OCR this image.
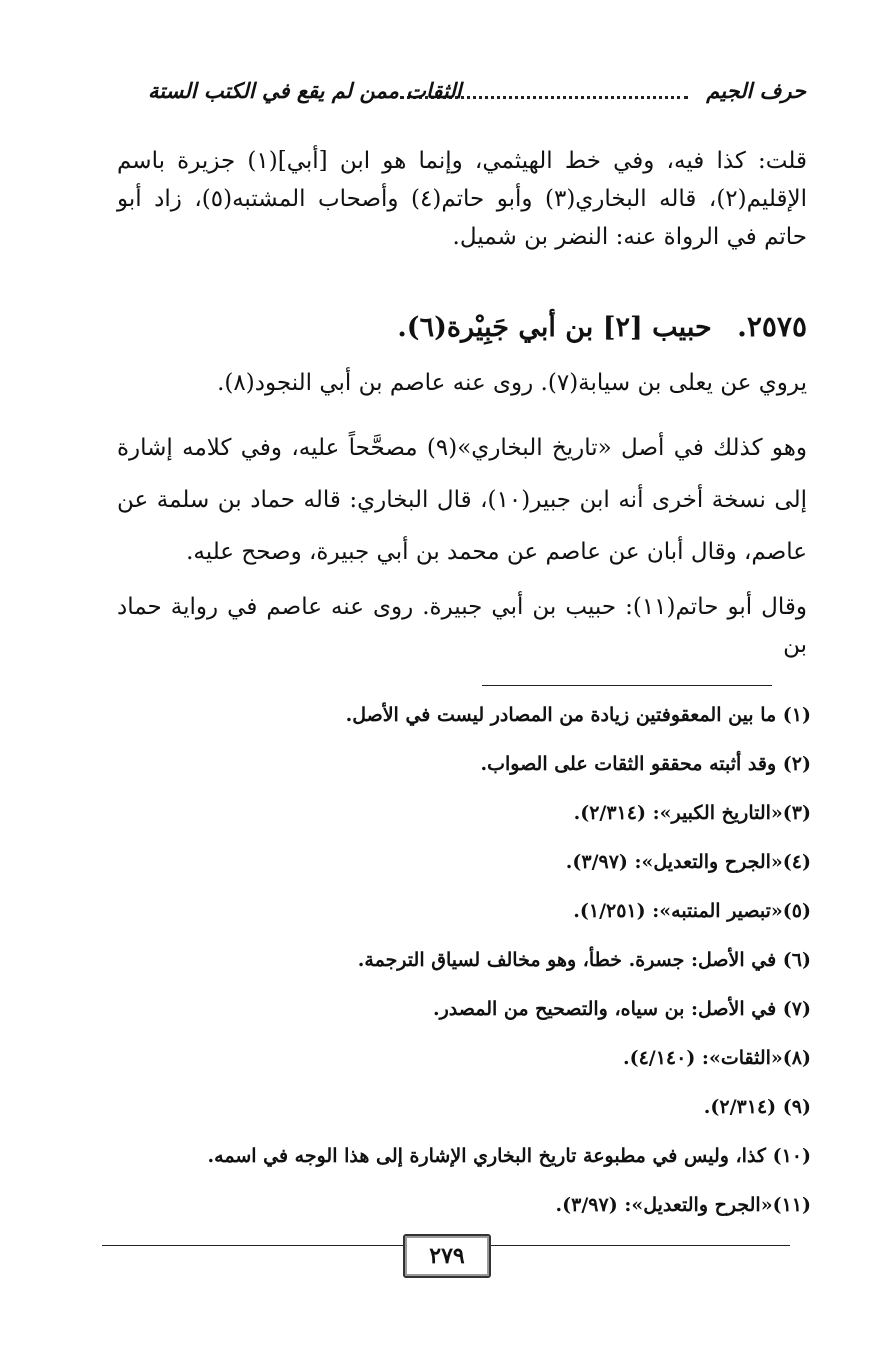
حرف الجيم
الثقات ممن لم يقع في الكتب الستة
قلت: كذا فيه، وفي خط الهيثمي، وإنما هو ابن [أبي](١) جزيرة باسم الإقليم(٢)، قاله البخاري(٣) وأبو حاتم(٤) وأصحاب المشتبه(٥)، زاد أبو حاتم في الرواة عنه: النضر بن شميل.
٢٥٧٥. حبيب [٢] بن أبي جَبِيْرة(٦).
يروي عن يعلى بن سيابة(٧). روى عنه عاصم بن أبي النجود(٨).
وهو كذلك في أصل «تاريخ البخاري»(٩) مصحَّحاً عليه، وفي كلامه إشارة إلى نسخة أخرى أنه ابن جبير(١٠)، قال البخاري: قاله حماد بن سلمة عن عاصم، وقال أبان عن عاصم عن محمد بن أبي جبيرة، وصحح عليه.
وقال أبو حاتم(١١): حبيب بن أبي جبيرة. روى عنه عاصم في رواية حماد بن
(١) ما بين المعقوفتين زيادة من المصادر ليست في الأصل.
(٢) وقد أثبته محققو الثقات على الصواب.
(٣)«التاريخ الكبير»: (٢/٣١٤).
(٤)«الجرح والتعديل»: (٣/٩٧).
(٥)«تبصير المنتبه»: (١/٢٥١).
(٦) في الأصل: جسرة. خطأ، وهو مخالف لسياق الترجمة.
(٧) في الأصل: بن سياه، والتصحيح من المصدر.
(٨)«الثقات»: (٤/١٤٠).
(٩) (٢/٣١٤).
(١٠) كذا، وليس في مطبوعة تاريخ البخاري الإشارة إلى هذا الوجه في اسمه.
(١١)«الجرح والتعديل»: (٣/٩٧).
٢٧٩
